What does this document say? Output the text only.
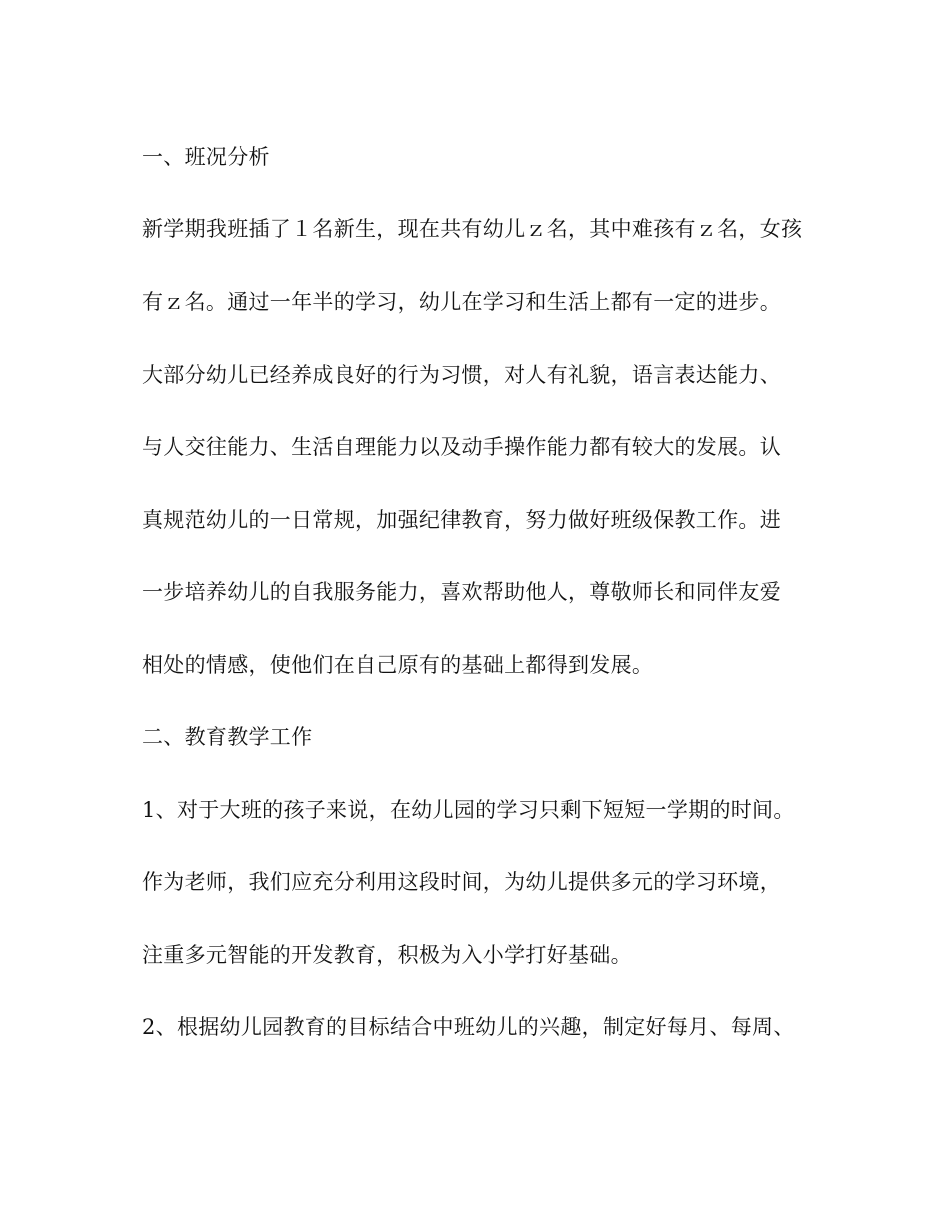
一、班况分析
新学期我班插了１名新生，现在共有幼儿ｚ名，其中难孩有ｚ名，女孩
有ｚ名。通过一年半的学习，幼儿在学习和生活上都有一定的进步。
大部分幼儿已经养成良好的行为习惯，对人有礼貌，语言表达能力、
与人交往能力、生活自理能力以及动手操作能力都有较大的发展。认
真规范幼儿的一日常规，加强纪律教育，努力做好班级保教工作。进
一步培养幼儿的自我服务能力，喜欢帮助他人，尊敬师长和同伴友爱
相处的情感，使他们在自己原有的基础上都得到发展。
二、教育教学工作
1、对于大班的孩子来说，在幼儿园的学习只剩下短短一学期的时间。
作为老师，我们应充分利用这段时间，为幼儿提供多元的学习环境，
注重多元智能的开发教育，积极为入小学打好基础。
2、根据幼儿园教育的目标结合中班幼儿的兴趣，制定好每月、每周、
